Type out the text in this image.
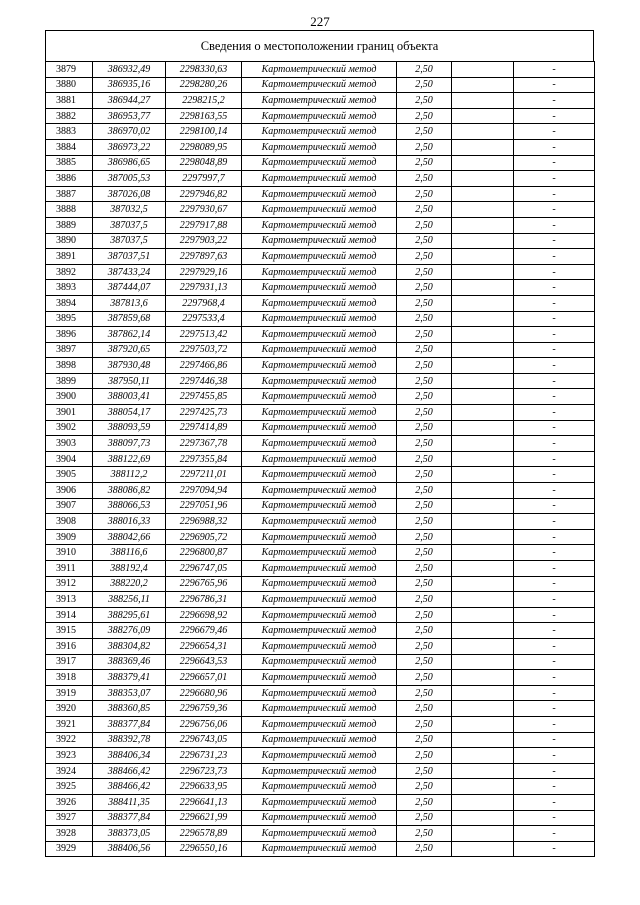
227
Сведения о местоположении границ объекта
3879	386932,49	2298330,63	Картометрический метод	2,50		-
3880	386935,16	2298280,26	Картометрический метод	2,50		-
3881	386944,27	2298215,2	Картометрический метод	2,50		-
3882	386953,77	2298163,55	Картометрический метод	2,50		-
3883	386970,02	2298100,14	Картометрический метод	2,50		-
3884	386973,22	2298089,95	Картометрический метод	2,50		-
3885	386986,65	2298048,89	Картометрический метод	2,50		-
3886	387005,53	2297997,7	Картометрический метод	2,50		-
3887	387026,08	2297946,82	Картометрический метод	2,50		-
3888	387032,5	2297930,67	Картометрический метод	2,50		-
3889	387037,5	2297917,88	Картометрический метод	2,50		-
3890	387037,5	2297903,22	Картометрический метод	2,50		-
3891	387037,51	2297897,63	Картометрический метод	2,50		-
3892	387433,24	2297929,16	Картометрический метод	2,50		-
3893	387444,07	2297931,13	Картометрический метод	2,50		-
3894	387813,6	2297968,4	Картометрический метод	2,50		-
3895	387859,68	2297533,4	Картометрический метод	2,50		-
3896	387862,14	2297513,42	Картометрический метод	2,50		-
3897	387920,65	2297503,72	Картометрический метод	2,50		-
3898	387930,48	2297466,86	Картометрический метод	2,50		-
3899	387950,11	2297446,38	Картометрический метод	2,50		-
3900	388003,41	2297455,85	Картометрический метод	2,50		-
3901	388054,17	2297425,73	Картометрический метод	2,50		-
3902	388093,59	2297414,89	Картометрический метод	2,50		-
3903	388097,73	2297367,78	Картометрический метод	2,50		-
3904	388122,69	2297355,84	Картометрический метод	2,50		-
3905	388112,2	2297211,01	Картометрический метод	2,50		-
3906	388086,82	2297094,94	Картометрический метод	2,50		-
3907	388066,53	2297051,96	Картометрический метод	2,50		-
3908	388016,33	2296988,32	Картометрический метод	2,50		-
3909	388042,66	2296905,72	Картометрический метод	2,50		-
3910	388116,6	2296800,87	Картометрический метод	2,50		-
3911	388192,4	2296747,05	Картометрический метод	2,50		-
3912	388220,2	2296765,96	Картометрический метод	2,50		-
3913	388256,11	2296786,31	Картометрический метод	2,50		-
3914	388295,61	2296698,92	Картометрический метод	2,50		-
3915	388276,09	2296679,46	Картометрический метод	2,50		-
3916	388304,82	2296654,31	Картометрический метод	2,50		-
3917	388369,46	2296643,53	Картометрический метод	2,50		-
3918	388379,41	2296657,01	Картометрический метод	2,50		-
3919	388353,07	2296680,96	Картометрический метод	2,50		-
3920	388360,85	2296759,36	Картометрический метод	2,50		-
3921	388377,84	2296756,06	Картометрический метод	2,50		-
3922	388392,78	2296743,05	Картометрический метод	2,50		-
3923	388406,34	2296731,23	Картометрический метод	2,50		-
3924	388466,42	2296723,73	Картометрический метод	2,50		-
3925	388466,42	2296633,95	Картометрический метод	2,50		-
3926	388411,35	2296641,13	Картометрический метод	2,50		-
3927	388377,84	2296621,99	Картометрический метод	2,50		-
3928	388373,05	2296578,89	Картометрический метод	2,50		-
3929	388406,56	2296550,16	Картометрический метод	2,50		-
